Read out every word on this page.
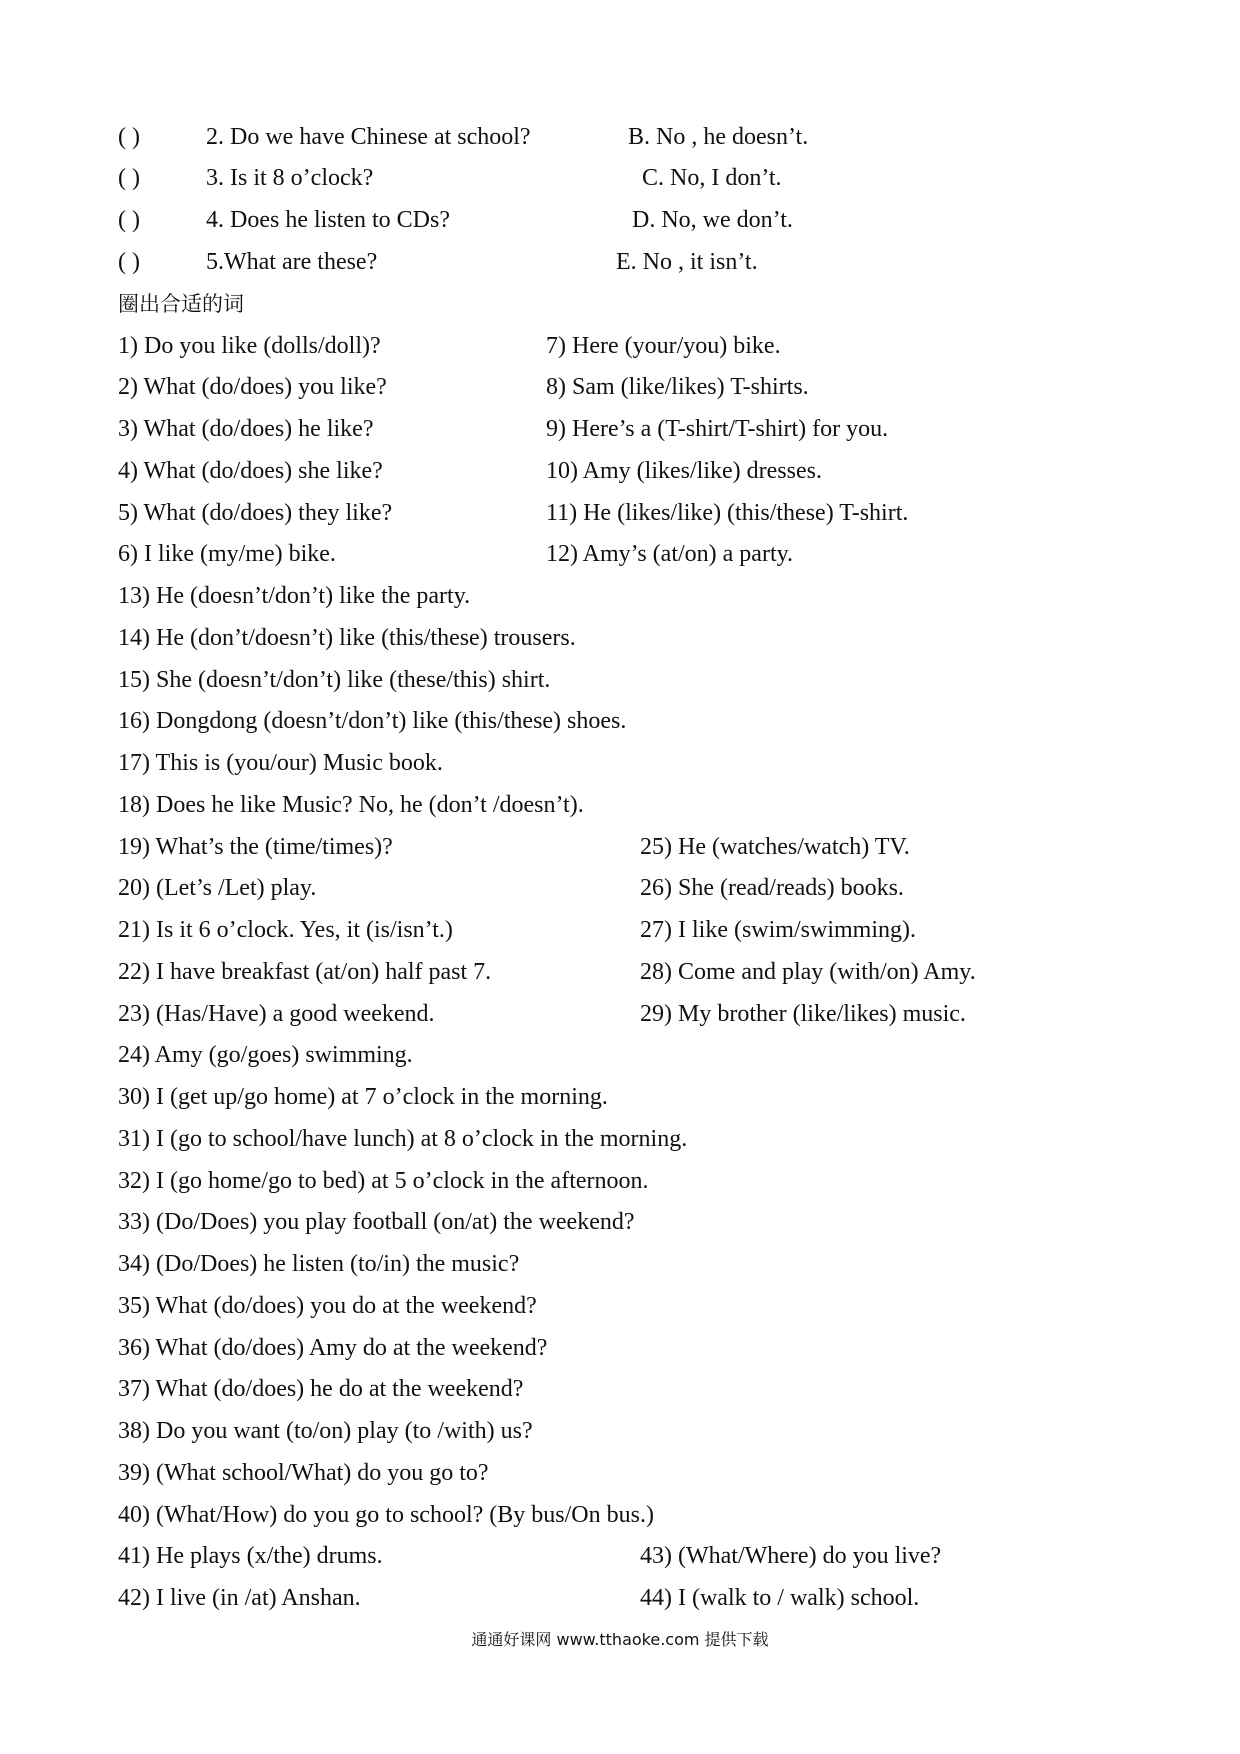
( )	2. Do we have Chinese at school?	B. No , he doesn’t.
( )	3. Is it 8 o’clock?	C. No, I don’t.
( )	4. Does he listen to CDs?	D. No, we don’t.
( )	5.What are these?	E. No , it isn’t.
圈出合适的词
1) Do you like (dolls/doll)?	7) Here (your/you) bike.
2) What (do/does) you like?	8) Sam (like/likes) T-shirts.
3) What (do/does) he like?	9) Here’s a (T-shirt/T-shirt) for you.
4) What (do/does) she like?	10) Amy (likes/like) dresses.
5) What (do/does) they like?	11) He (likes/like) (this/these) T-shirt.
6) I like (my/me) bike.	12) Amy’s (at/on) a party.
13) He (doesn’t/don’t) like the party.
14) He (don’t/doesn’t) like (this/these) trousers.
15) She (doesn’t/don’t) like (these/this) shirt.
16) Dongdong (doesn’t/don’t) like (this/these) shoes.
17) This is (you/our) Music book.
18) Does he like Music? No, he (don’t /doesn’t).
19) What’s the (time/times)?	25) He (watches/watch) TV.
20) (Let’s /Let) play.	26) She (read/reads) books.
21) Is it 6 o’clock. Yes, it (is/isn’t.)	27) I like (swim/swimming).
22) I have breakfast (at/on) half past 7.	28) Come and play (with/on) Amy.
23) (Has/Have) a good weekend.	29) My brother (like/likes) music.
24) Amy (go/goes) swimming.
30) I (get up/go home) at 7 o’clock in the morning.
31) I (go to school/have lunch) at 8 o’clock in the morning.
32) I (go home/go to bed) at 5 o’clock in the afternoon.
33) (Do/Does) you play football (on/at) the weekend?
34) (Do/Does) he listen (to/in) the music?
35) What (do/does) you do at the weekend?
36) What (do/does) Amy do at the weekend?
37) What (do/does) he do at the weekend?
38) Do you want (to/on) play (to /with) us?
39) (What school/What) do you go to?
40) (What/How) do you go to school? (By bus/On bus.)
41) He plays (x/the) drums.	43) (What/Where) do you live?
42) I live (in /at) Anshan.	44) I (walk to / walk) school.
通通好课网 www.tthaoke.com 提供下载
